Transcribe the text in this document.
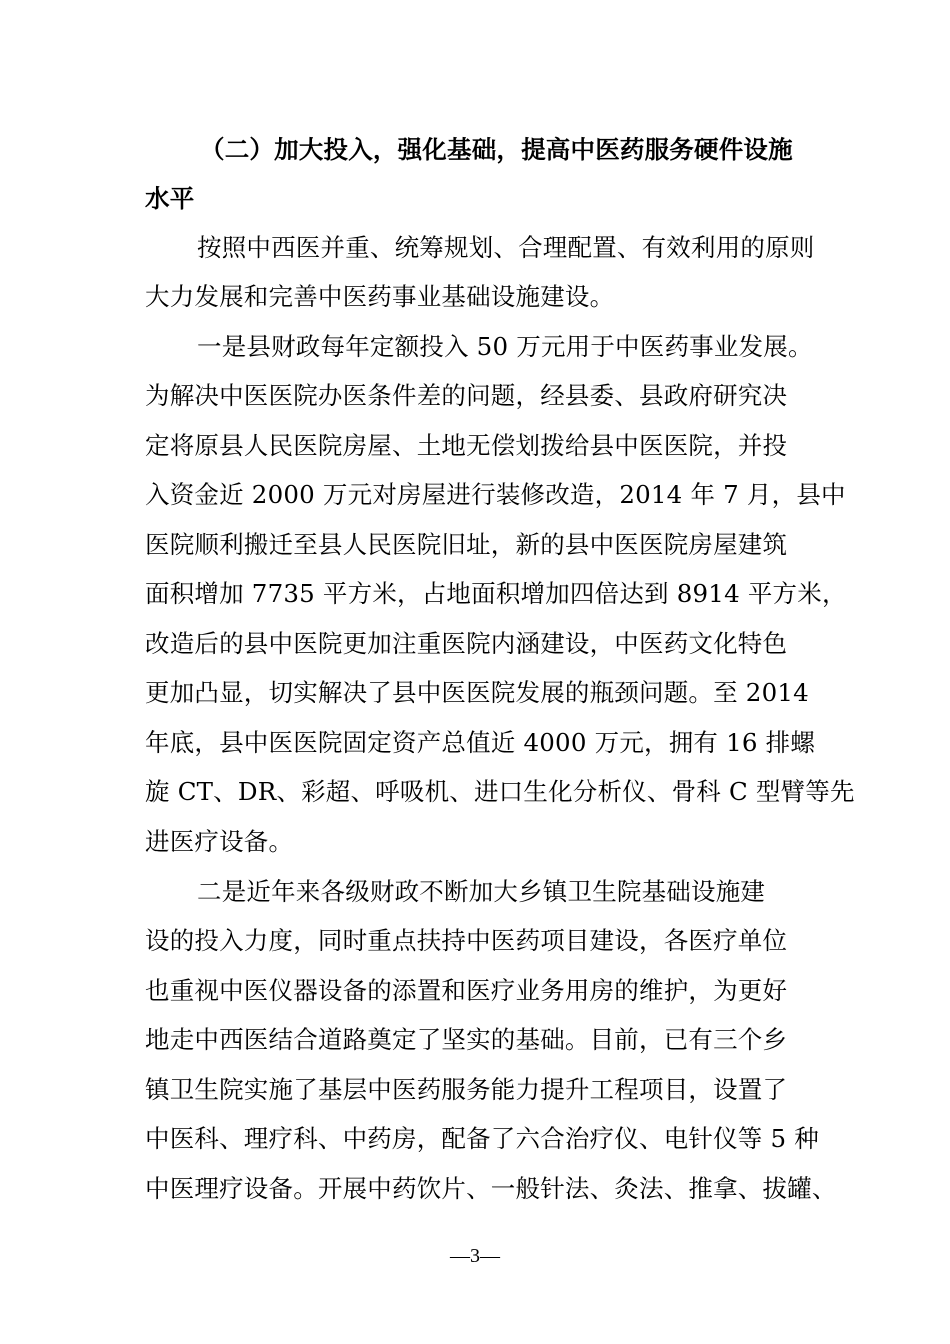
（二）加大投入，强化基础，提高中医药服务硬件设施
水平
按照中西医并重、统筹规划、合理配置、有效利用的原则
大力发展和完善中医药事业基础设施建设。
一是县财政每年定额投入 50 万元用于中医药事业发展。
为解决中医医院办医条件差的问题，经县委、县政府研究决
定将原县人民医院房屋、土地无偿划拨给县中医医院，并投
入资金近 2000 万元对房屋进行装修改造，2014 年 7 月，县中
医院顺利搬迁至县人民医院旧址，新的县中医医院房屋建筑
面积增加 7735 平方米，占地面积增加四倍达到 8914 平方米，
改造后的县中医院更加注重医院内涵建设，中医药文化特色
更加凸显，切实解决了县中医医院发展的瓶颈问题。至 2014
年底，县中医医院固定资产总值近 4000 万元，拥有 16 排螺
旋 CT、DR、彩超、呼吸机、进口生化分析仪、骨科 C 型臂等先
进医疗设备。
二是近年来各级财政不断加大乡镇卫生院基础设施建
设的投入力度，同时重点扶持中医药项目建设，各医疗单位
也重视中医仪器设备的添置和医疗业务用房的维护，为更好
地走中西医结合道路奠定了坚实的基础。目前，已有三个乡
镇卫生院实施了基层中医药服务能力提升工程项目，设置了
中医科、理疗科、中药房，配备了六合治疗仪、电针仪等 5 种
中医理疗设备。开展中药饮片、一般针法、灸法、推拿、拔罐、
—3—
